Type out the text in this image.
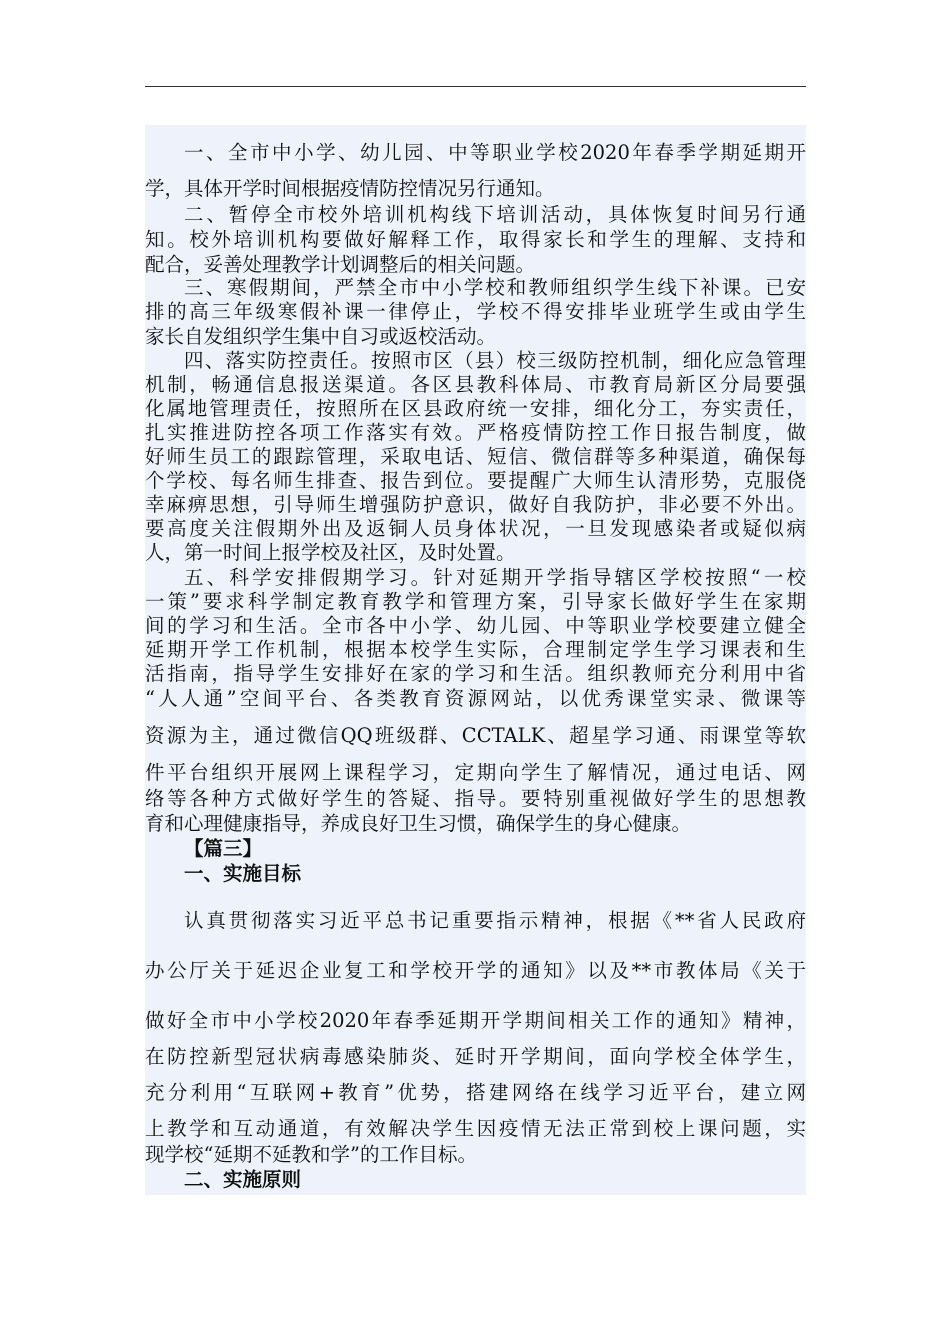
一、全市中小学、幼儿园、中等职业学校2020年春季学期延期开
学，具体开学时间根据疫情防控情况另行通知。
二、暂停全市校外培训机构线下培训活动，具体恢复时间另行通
知。校外培训机构要做好解释工作，取得家长和学生的理解、支持和
配合，妥善处理教学计划调整后的相关问题。
三、寒假期间，严禁全市中小学校和教师组织学生线下补课。已安
排的高三年级寒假补课一律停止，学校不得安排毕业班学生或由学生
家长自发组织学生集中自习或返校活动。
四、落实防控责任。按照市区（县）校三级防控机制，细化应急管理
机制，畅通信息报送渠道。各区县教科体局、市教育局新区分局要强
化属地管理责任，按照所在区县政府统一安排，细化分工，夯实责任，
扎实推进防控各项工作落实有效。严格疫情防控工作日报告制度，做
好师生员工的跟踪管理，采取电话、短信、微信群等多种渠道，确保每
个学校、每名师生排查、报告到位。要提醒广大师生认清形势，克服侥
幸麻痹思想，引导师生增强防护意识，做好自我防护，非必要不外出。
要高度关注假期外出及返铜人员身体状况，一旦发现感染者或疑似病
人，第一时间上报学校及社区，及时处置。
五、科学安排假期学习。针对延期开学指导辖区学校按照“一校
一策”要求科学制定教育教学和管理方案，引导家长做好学生在家期
间的学习和生活。全市各中小学、幼儿园、中等职业学校要建立健全
延期开学工作机制，根据本校学生实际，合理制定学生学习课表和生
活指南，指导学生安排好在家的学习和生活。组织教师充分利用中省
“人人通”空间平台、各类教育资源网站，以优秀课堂实录、微课等
资源为主，通过微信QQ班级群、CCTALK、超星学习通、雨课堂等软
件平台组织开展网上课程学习，定期向学生了解情况，通过电话、网
络等各种方式做好学生的答疑、指导。要特别重视做好学生的思想教
育和心理健康指导，养成良好卫生习惯，确保学生的身心健康。
【篇三】
一、实施目标
认真贯彻落实习近平总书记重要指示精神，根据《**省人民政府
办公厅关于延迟企业复工和学校开学的通知》以及**市教体局《关于
做好全市中小学校2020年春季延期开学期间相关工作的通知》精神，
在防控新型冠状病毒感染肺炎、延时开学期间，面向学校全体学生，
充分利用“互联网+教育”优势，搭建网络在线学习近平台，建立网
上教学和互动通道，有效解决学生因疫情无法正常到校上课问题，实
现学校“延期不延教和学”的工作目标。
二、实施原则
